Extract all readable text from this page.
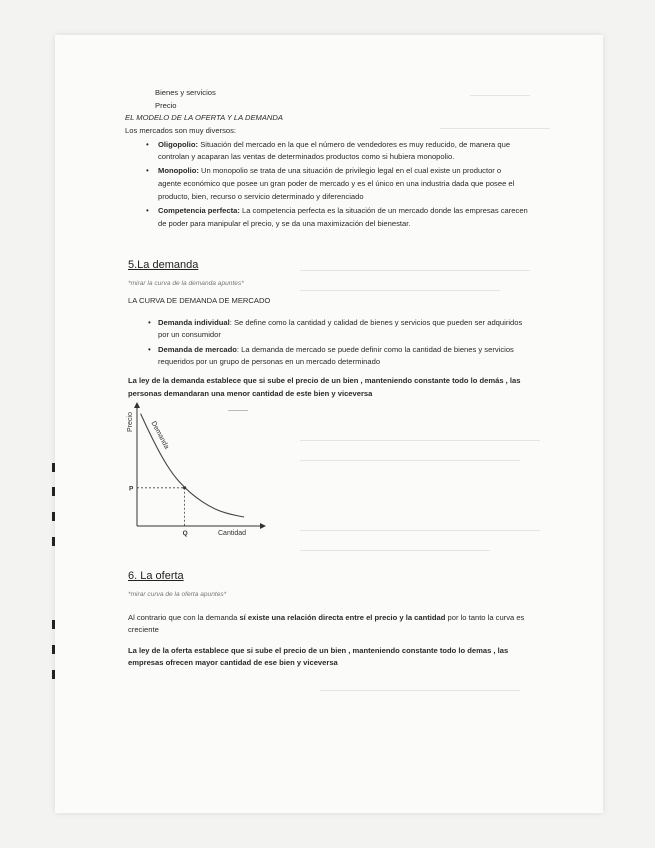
Bienes y servicios
Precio
EL MODELO DE LA OFERTA Y LA DEMANDA
Los mercados son muy diversos:
• Oligopolio: Situación del mercado en la que el número de vendedores es muy reducido, de manera que
controlan y acaparan las ventas de determinados productos como si hubiera monopolio.
• Monopolio: Un monopolio se trata de una situación de privilegio legal en el cual existe un productor o
agente económico que posee un gran poder de mercado y es el único en una industria dada que posee el
producto, bien, recurso o servicio determinado y diferenciado
• Competencia perfecta: La competencia perfecta es la situación de un mercado donde las empresas carecen
de poder para manipular el precio, y se da una maximización del bienestar.
5.La demanda
*mirar la curva de la demanda apuntes*
LA CURVA DE DEMANDA DE MERCADO
• Demanda individual: Se define como la cantidad y calidad de bienes y servicios que pueden ser adquiridos
por un consumidor
• Demanda de mercado: La demanda de mercado se puede definir como la cantidad de bienes y servicios
requeridos por un grupo de personas en un mercado determinado
La ley de la demanda establece que si sube el precio de un bien , manteniendo constante todo lo demás , las
personas demandaran una menor cantidad de este bien y viceversa
Precio Demanda
P
Q	Cantidad
6. La oferta
*mirar curva de la oferta apuntes*
Al contrario que con la demanda sí existe una relación directa entre el precio y la cantidad por lo tanto la curva es
creciente
La ley de la oferta establece que si sube el precio de un bien , manteniendo constante todo lo demas , las
empresas ofrecen mayor cantidad de ese bien y viceversa
